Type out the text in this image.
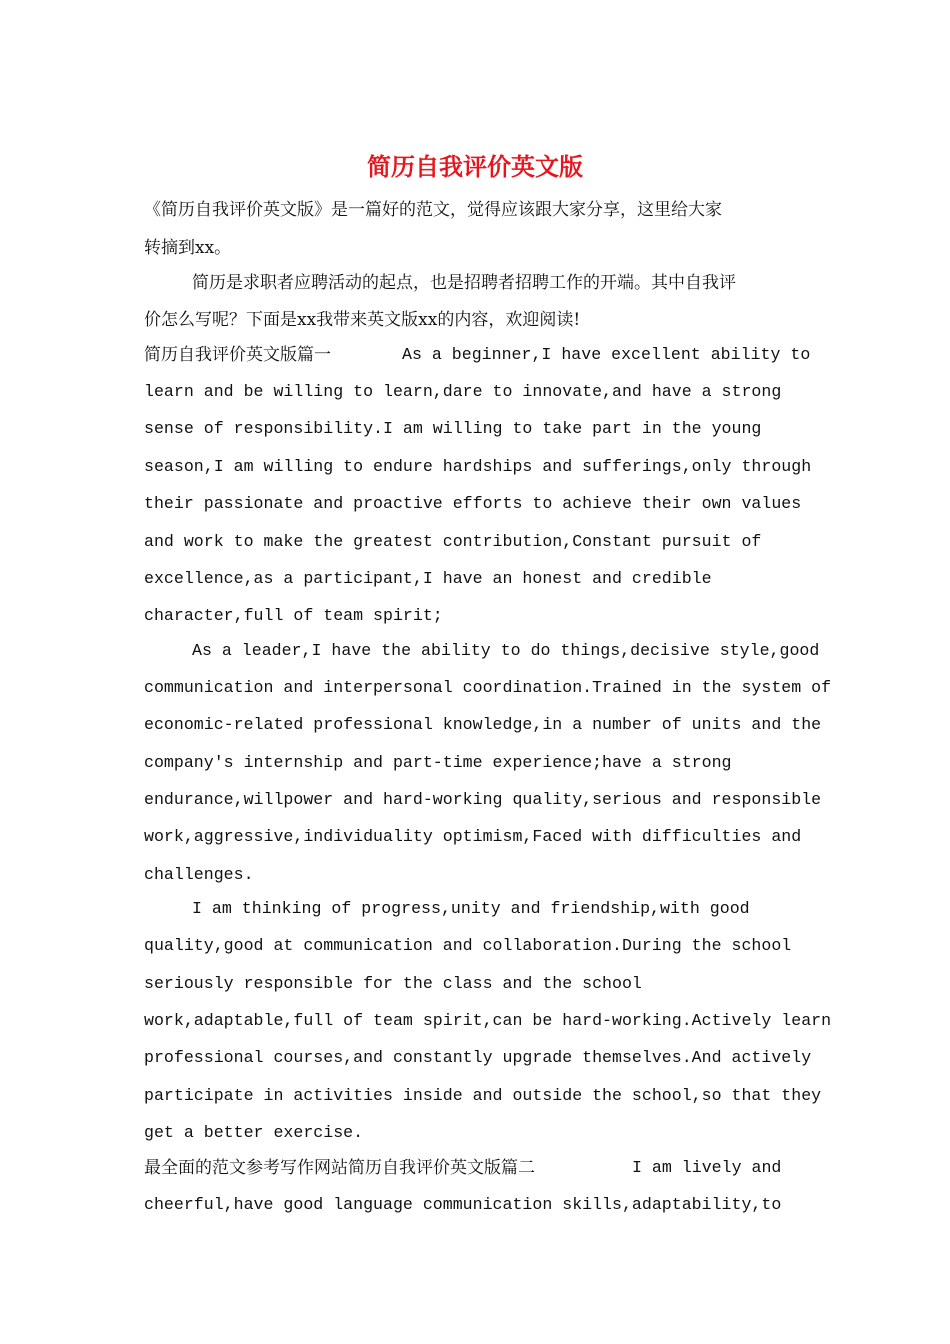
简历自我评价英文版
《简历自我评价英文版》是一篇好的范文，觉得应该跟大家分享，这里给大家
转摘到xx。
简历是求职者应聘活动的起点，也是招聘者招聘工作的开端。其中自我评
价怎么写呢？下面是xx我带来英文版xx的内容，欢迎阅读!
简历自我评价英文版篇一	As a beginner,I have excellent ability to
learn and be willing to learn,dare to innovate,and have a strong
sense of responsibility.I am willing to take part in the young
season,I am willing to endure hardships and sufferings,only through
their passionate and proactive efforts to achieve their own values
and work to make the greatest contribution,Constant pursuit of
excellence,as a participant,I have an honest and credible
character,full of team spirit;
As a leader,I have the ability to do things,decisive style,good
communication and interpersonal coordination.Trained in the system of
economic-related professional knowledge,in a number of units and the
company's internship and part-time experience;have a strong
endurance,willpower and hard-working quality,serious and responsible
work,aggressive,individuality optimism,Faced with difficulties and
challenges.
I am thinking of progress,unity and friendship,with good
quality,good at communication and collaboration.During the school
seriously responsible for the class and the school
work,adaptable,full of team spirit,can be hard-working.Actively learn
professional courses,and constantly upgrade themselves.And actively
participate in activities inside and outside the school,so that they
get a better exercise.
最全面的范文参考写作网站简历自我评价英文版篇二	I am lively and
cheerful,have good language communication skills,adaptability,to
